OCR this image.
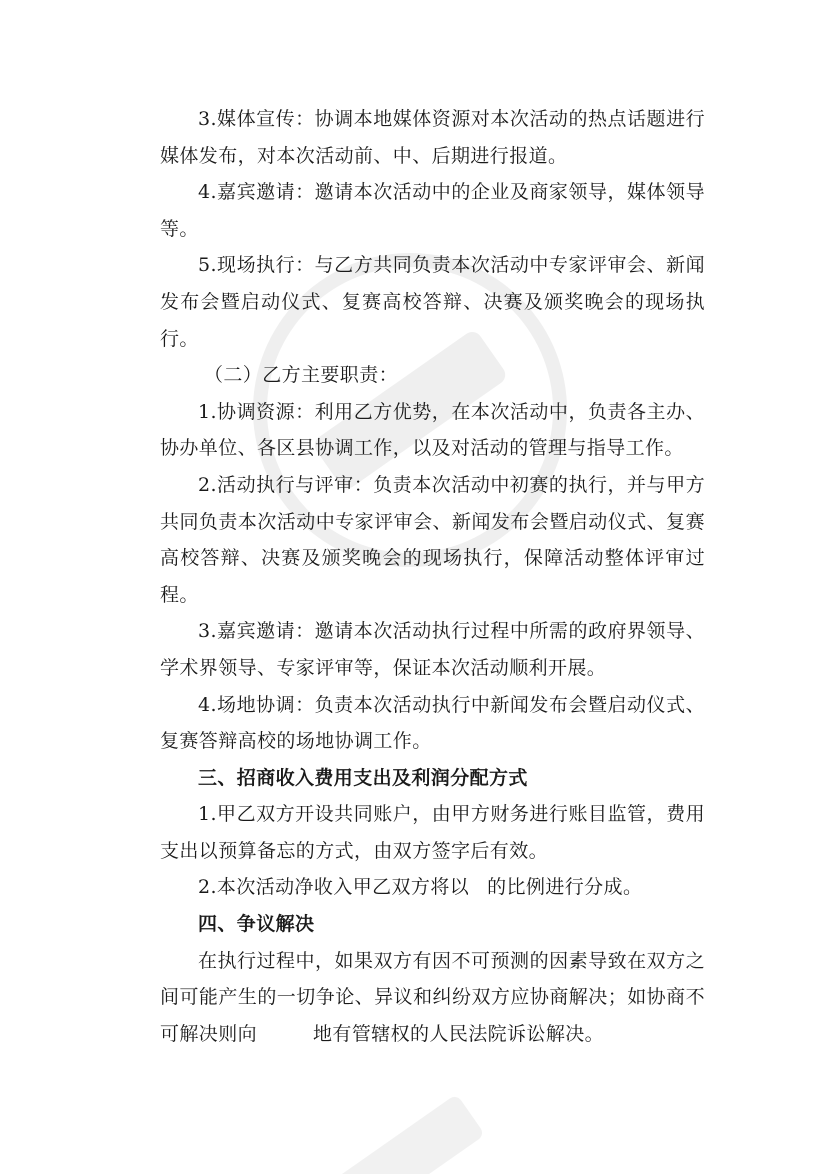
3.媒体宣传：协调本地媒体资源对本次活动的热点话题进行媒体发布，对本次活动前、中、后期进行报道。

4.嘉宾邀请：邀请本次活动中的企业及商家领导，媒体领导等。

5.现场执行：与乙方共同负责本次活动中专家评审会、新闻发布会暨启动仪式、复赛高校答辩、决赛及颁奖晚会的现场执行。

（二）乙方主要职责：

1.协调资源：利用乙方优势，在本次活动中，负责各主办、协办单位、各区县协调工作，以及对活动的管理与指导工作。

2.活动执行与评审：负责本次活动中初赛的执行，并与甲方共同负责本次活动中专家评审会、新闻发布会暨启动仪式、复赛高校答辩、决赛及颁奖晚会的现场执行，保障活动整体评审过程。

3.嘉宾邀请：邀请本次活动执行过程中所需的政府界领导、学术界领导、专家评审等，保证本次活动顺利开展。

4.场地协调：负责本次活动执行中新闻发布会暨启动仪式、复赛答辩高校的场地协调工作。

三、招商收入费用支出及利润分配方式

1.甲乙双方开设共同账户，由甲方财务进行账目监管，费用支出以预算备忘的方式，由双方签字后有效。

2.本次活动净收入甲乙双方将以 的比例进行分成。

四、争议解决

在执行过程中，如果双方有因不可预测的因素导致在双方之间可能产生的一切争论、异议和纠纷双方应协商解决；如协商不可解决则向	地有管辖权的人民法院诉讼解决。
